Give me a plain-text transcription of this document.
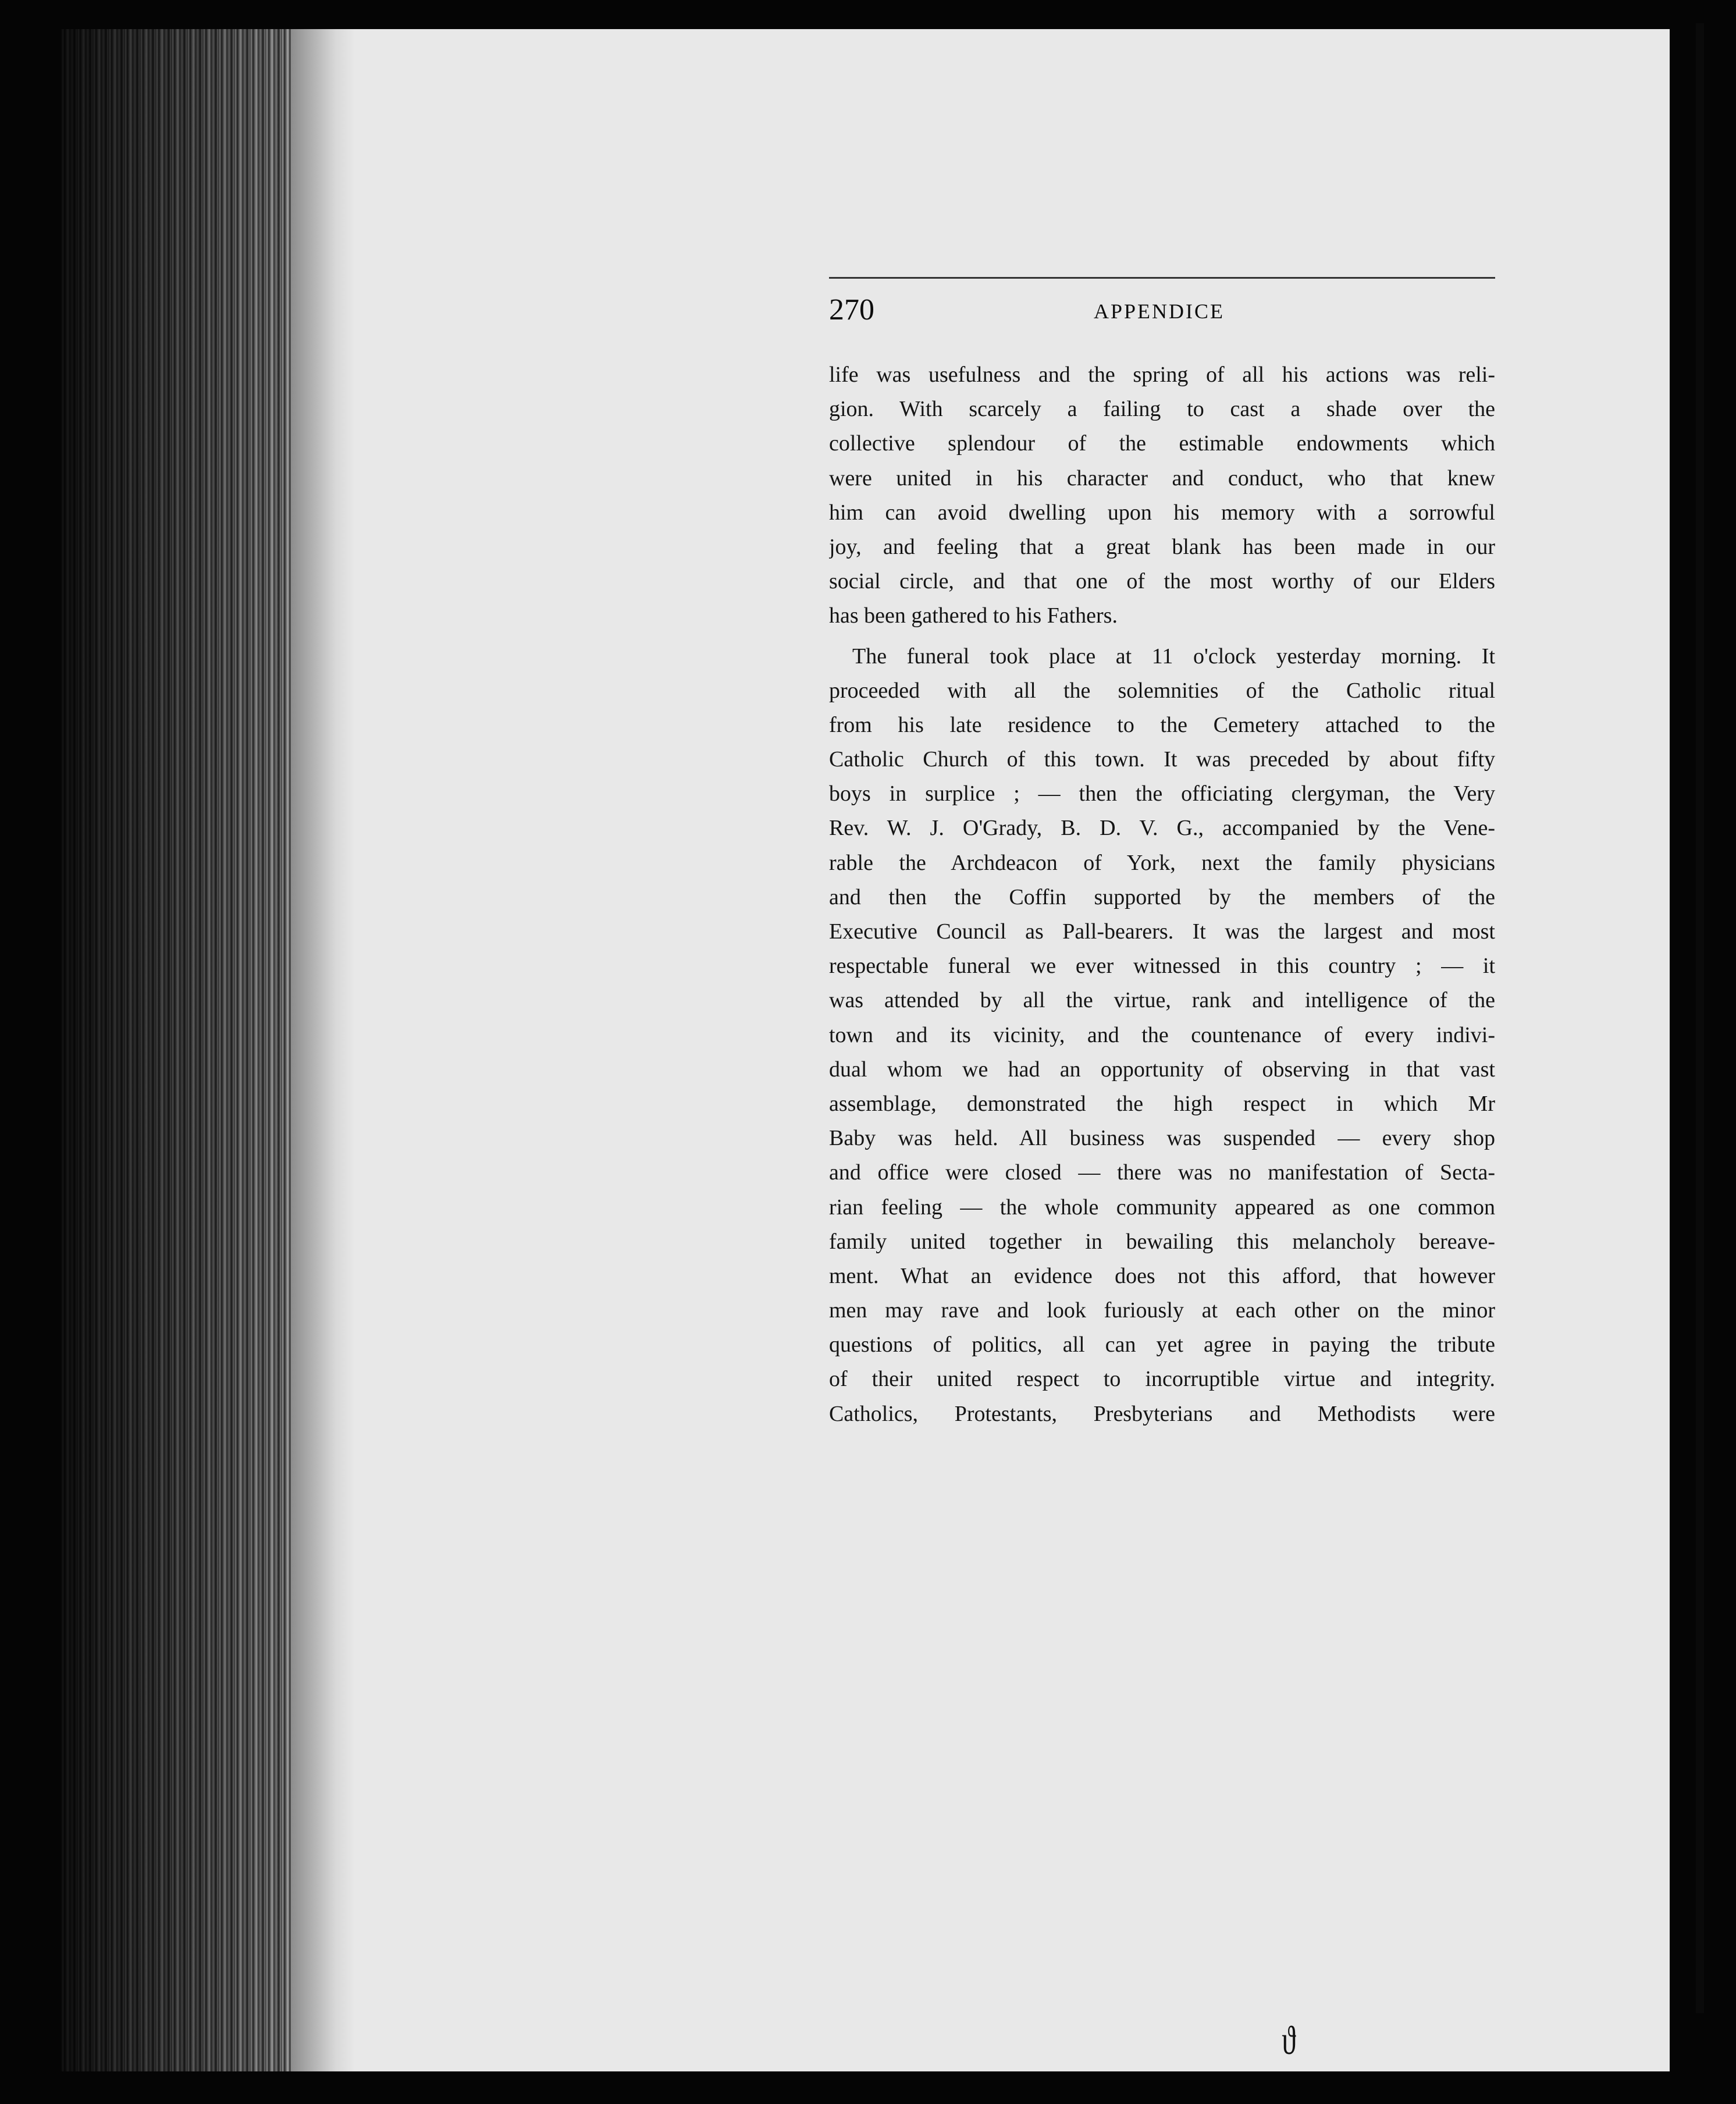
270	APPENDICE
life was usefulness and the spring of all his actions was reli-
gion. With scarcely a failing to cast a shade over the
collective splendour of the estimable endowments which
were united in his character and conduct, who that knew
him can avoid dwelling upon his memory with a sorrowful
joy, and feeling that a great blank has been made in our
social circle, and that one of the most worthy of our Elders
has been gathered to his Fathers.
The funeral took place at 11 o'clock yesterday morning. It
proceeded with all the solemnities of the Catholic ritual
from his late residence to the Cemetery attached to the
Catholic Church of this town. It was preceded by about fifty
boys in surplice ; — then the officiating clergyman, the Very
Rev. W. J. O'Grady, B. D. V. G., accompanied by the Vene-
rable the Archdeacon of York, next the family physicians
and then the Coffin supported by the members of the
Executive Council as Pall-bearers. It was the largest and most
respectable funeral we ever witnessed in this country ; — it
was attended by all the virtue, rank and intelligence of the
town and its vicinity, and the countenance of every indivi-
dual whom we had an opportunity of observing in that vast
assemblage, demonstrated the high respect in which Mr
Baby was held. All business was suspended — every shop
and office were closed — there was no manifestation of Secta-
rian feeling — the whole community appeared as one common
family united together in bewailing this melancholy bereave-
ment. What an evidence does not this afford, that however
men may rave and look furiously at each other on the minor
questions of politics, all can yet agree in paying the tribute
of their united respect to incorruptible virtue and integrity.
Catholics, Protestants, Presbyterians and Methodists were
ϑ
